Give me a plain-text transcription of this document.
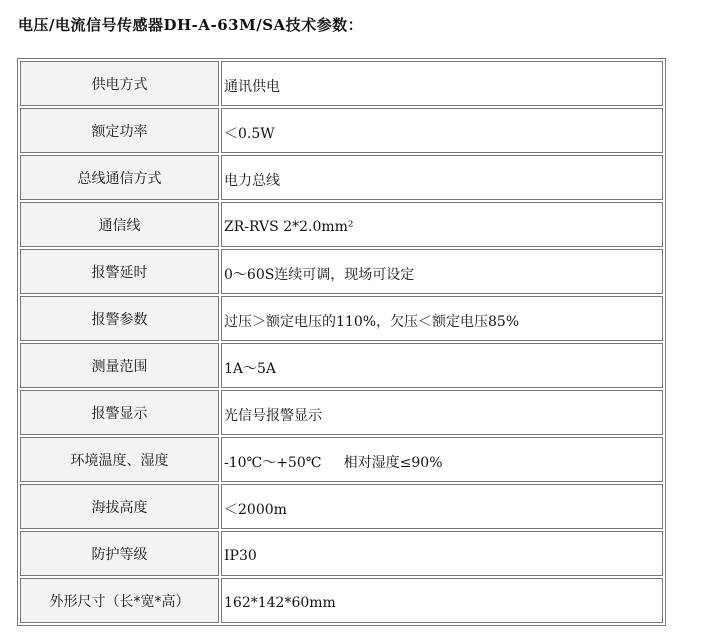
电压/电流信号传感器DH-A-63M/SA技术参数：
供电方式	通讯供电
额定功率	＜0.5W
总线通信方式	电力总线
通信线	ZR-RVS 2*2.0mm²
报警延时	0～60S连续可调，现场可设定
报警参数	过压＞额定电压的110%，欠压＜额定电压85%
测量范围	1A～5A
报警显示	光信号报警显示
环境温度、湿度	-10℃～+50℃     相对湿度≤90%
海拔高度	＜2000m
防护等级	IP30
外形尺寸（长*宽*高）	162*142*60mm
